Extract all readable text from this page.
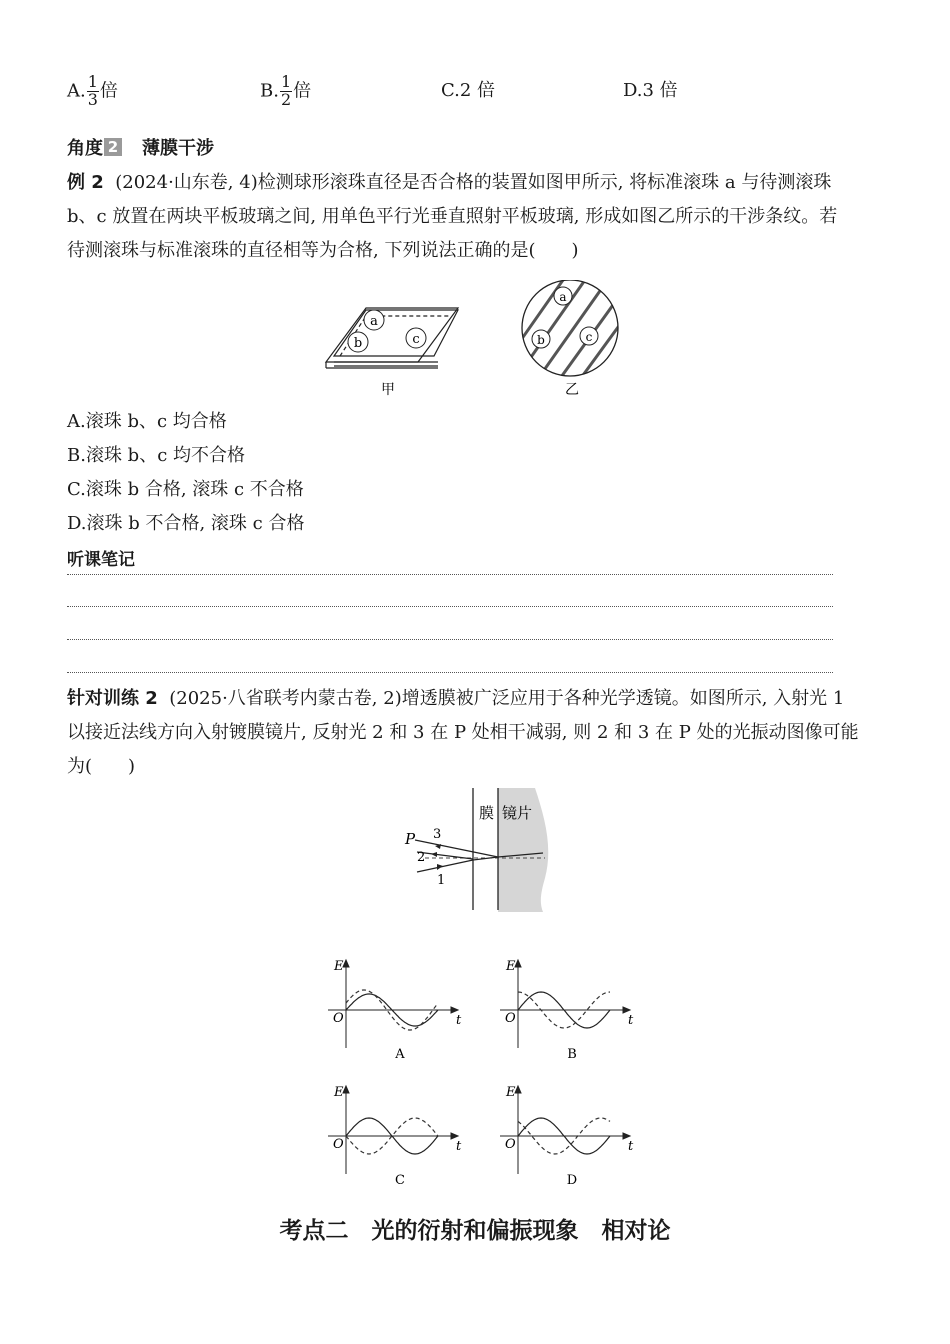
A. $\frac{1}{3}$ 倍	B. $\frac{1}{2}$ 倍	C.2 倍	D.3 倍
角度 2 薄膜干涉
例 2 (2024·山东卷, 4)检测球形滚珠直径是否合格的装置如图甲所示, 将标准滚珠 a 与待测滚珠
b、c 放置在两块平板玻璃之间, 用单色平行光垂直照射平板玻璃, 形成如图乙所示的干涉条纹。若
待测滚珠与标准滚珠的直径相等为合格, 下列说法正确的是(　　)
a
b	c
甲
a
b	c
乙
A.滚珠 b、c 均合格
B.滚珠 b、c 均不合格
C.滚珠 b 合格, 滚珠 c 不合格
D.滚珠 b 不合格, 滚珠 c 合格
听课笔记
针对训练 2 (2025·八省联考内蒙古卷, 2)增透膜被广泛应用于各种光学透镜。如图所示, 入射光 1
以接近法线方向入射镀膜镜片, 反射光 2 和 3 在 P 处相干减弱, 则 2 和 3 在 P 处的光振动图像可能
为(　　)
膜 镜片
P 3
2
1
E
t
O
A
E
t
O
B
E
t
O
C
E
t
O
D
考点二　光的衍射和偏振现象　相对论
